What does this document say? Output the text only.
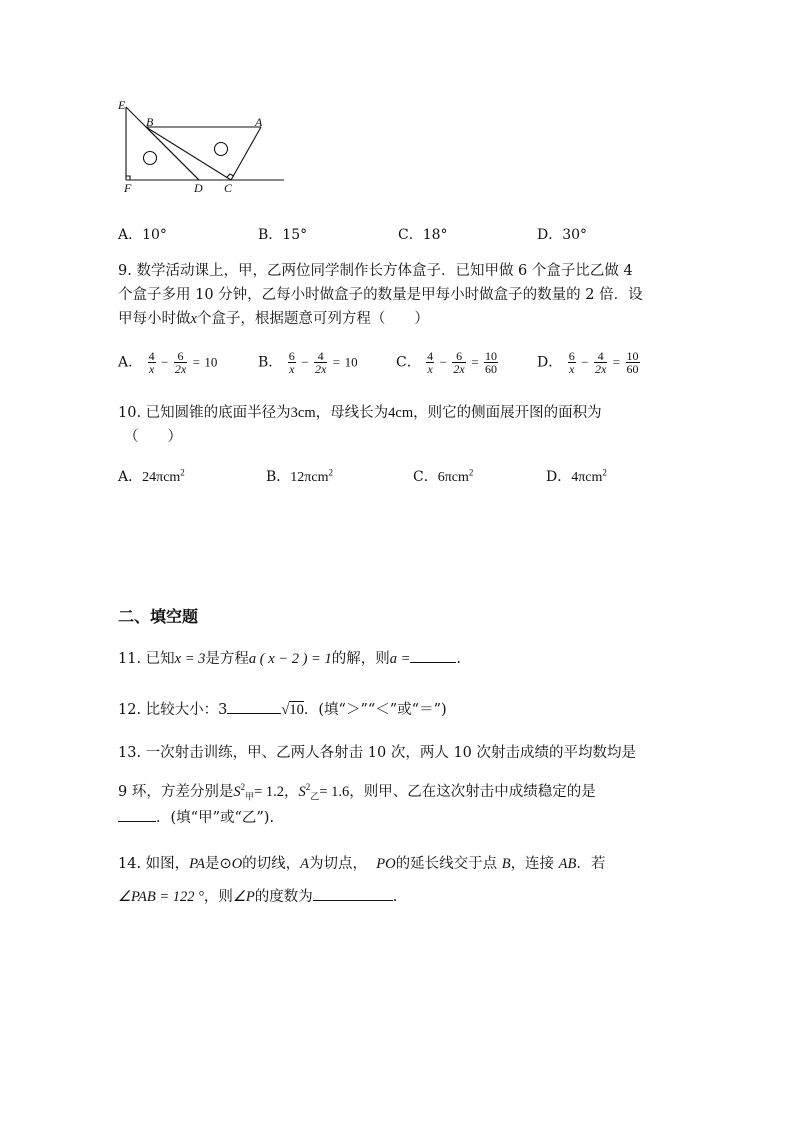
E
B	A
F	D C
A．10°	B．15°	C．18°	D．30°
9. 数学活动课上，甲，乙两位同学制作长方体盒子．已知甲做 6 个盒子比乙做 4
个盒子多用 10 分钟，乙每小时做盒子的数量是甲每小时做盒子的数量的 2 倍．设
甲每小时做x个盒子，根据题意可列方程（　　）
A． $\frac{4}{x} - \frac{6}{2x} = 10$	B． $\frac{6}{x} - \frac{4}{2x} = 10$	C． $\frac{4}{x} - \frac{6}{2x} = \frac{10}{60}$	D． $\frac{6}{x} - \frac{4}{2x} = \frac{10}{60}$
10. 已知圆锥的底面半径为3cm，母线长为4cm，则它的侧面展开图的面积为
（　　）
A．24πcm$^2$	B．12πcm$^2$	C．6πcm$^2$	D．4πcm$^2$
二、填空题
11. 已知x = 3是方程a ( x − 2 ) = 1的解，则a =	.
12. 比较大小：3	√10．(填“＞”“＜”或“＝”)
13. 一次射击训练，甲、乙两人各射击 10 次，两人 10 次射击成绩的平均数均是
9 环，方差分别是$S^2_甲= 1.2$，$S^2_乙= 1.6$，则甲、乙在这次射击中成绩稳定的是
．(填“甲”或“乙”).
14. 如图，PA是⊙O的切线，A为切点， PO的延长线交于点 B，连接 AB．若
∠PAB = 122 °，则∠P的度数为	.
